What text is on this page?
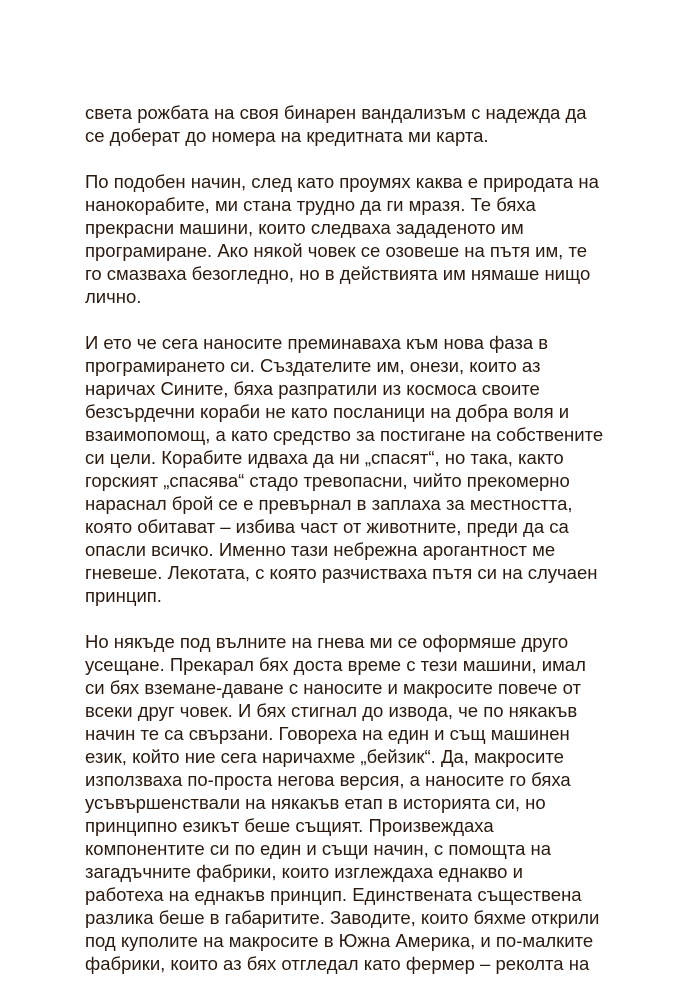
света рожбата на своя бинарен вандализъм с надежда да
се доберат до номера на кредитната ми карта.

По подобен начин, след като проумях каква е природата на
нанокорабите, ми стана трудно да ги мразя. Те бяха
прекрасни машини, които следваха зададеното им
програмиране. Ако някой човек се озовеше на пътя им, те
го смазваха безогледно, но в действията им нямаше нищо
лично.

И ето че сега наносите преминаваха към нова фаза в
програмирането си. Създателите им, онези, които аз
наричах Сините, бяха разпратили из космоса своите
безсърдечни кораби не като посланици на добра воля и
взаимопомощ, а като средство за постигане на собствените
си цели. Корабите идваха да ни „спасят“, но така, както
горският „спасява“ стадо тревопасни, чийто прекомерно
нараснал брой се е превърнал в заплаха за местността,
която обитават – избива част от животните, преди да са
опасли всичко. Именно тази небрежна арогантност ме
гневеше. Лекотата, с която разчистваха пътя си на случаен
принцип.

Но някъде под вълните на гнева ми се оформяше друго
усещане. Прекарал бях доста време с тези машини, имал
си бях вземане-даване с наносите и макросите повече от
всеки друг човек. И бях стигнал до извода, че по някакъв
начин те са свързани. Говореха на един и същ машинен
език, който ние сега наричахме „бейзик“. Да, макросите
използваха по-проста негова версия, а наносите го бяха
усъвършенствали на някакъв етап в историята си, но
принципно езикът беше същият. Произвеждаха
компонентите си по един и същи начин, с помощта на
загадъчните фабрики, които изглеждаха еднакво и
работеха на еднакъв принцип. Единствената съществена
разлика беше в габаритите. Заводите, които бяхме открили
под куполите на макросите в Южна Америка, и по-малките
фабрики, които аз бях отгледал като фермер – реколта на
